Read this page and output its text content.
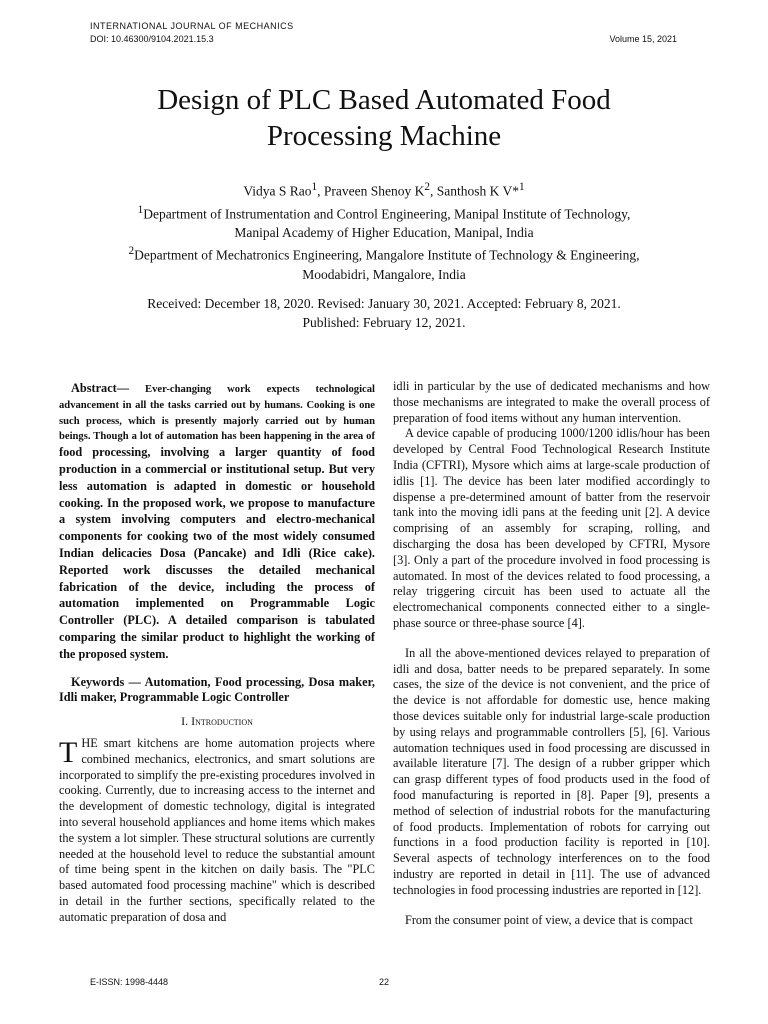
INTERNATIONAL JOURNAL OF MECHANICS
DOI: 10.46300/9104.2021.15.3	Volume 15, 2021
Design of PLC Based Automated Food
Processing Machine
Vidya S Rao$^1$, Praveen Shenoy $K^2$, Santhosh K V*$^1$
$^1$Department of Instrumentation and Control Engineering, Manipal Institute of Technology,
Manipal Academy of Higher Education, Manipal, India
$^2$Department of Mechatronics Engineering, Mangalore Institute of Technology & Engineering,
Moodabidri, Mangalore, India
Received: December 18, 2020. Revised: January 30, 2021. Accepted: February 8, 2021.
Published: February 12, 2021.

Abstract— Ever-changing work expects technological advancement in all the tasks carried out by humans. Cooking is one such process, which is presently majorly carried out by human beings. Though a lot of automation has been happening in the area of food processing, involving a larger quantity of food production in a commercial or institutional setup. But very less automation is adapted in domestic or household cooking. In the proposed work, we propose to manufacture a system involving computers and electro-mechanical components for cooking two of the most widely consumed Indian delicacies Dosa (Pancake) and Idli (Rice cake). Reported work discusses the detailed mechanical fabrication of the device, including the process of automation implemented on Programmable Logic Controller (PLC). A detailed comparison is tabulated comparing the similar product to highlight the working of the proposed system.

Keywords — Automation, Food processing, Dosa maker, Idli maker, Programmable Logic Controller

I. Introduction

THE smart kitchens are home automation projects where combined mechanics, electronics, and smart solutions are incorporated to simplify the pre-existing procedures involved in cooking. Currently, due to increasing access to the internet and the development of domestic technology, digital is integrated into several household appliances and home items which makes the system a lot simpler. These structural solutions are currently needed at the household level to reduce the substantial amount of time being spent in the kitchen on daily basis. The "PLC based automated food processing machine" which is described in detail in the further sections, specifically related to the automatic preparation of dosa and

idli in particular by the use of dedicated mechanisms and how those mechanisms are integrated to make the overall process of preparation of food items without any human intervention.

A device capable of producing 1000/1200 idlis/hour has been developed by Central Food Technological Research Institute India (CFTRI), Mysore which aims at large-scale production of idlis [1]. The device has been later modified accordingly to dispense a pre-determined amount of batter from the reservoir tank into the moving idli pans at the feeding unit [2]. A device comprising of an assembly for scraping, rolling, and discharging the dosa has been developed by CFTRI, Mysore [3]. Only a part of the procedure involved in food processing is automated. In most of the devices related to food processing, a relay triggering circuit has been used to actuate all the electromechanical components connected either to a single-phase source or three-phase source [4].

In all the above-mentioned devices relayed to preparation of idli and dosa, batter needs to be prepared separately. In some cases, the size of the device is not convenient, and the price of the device is not affordable for domestic use, hence making those devices suitable only for industrial large-scale production by using relays and programmable controllers [5], [6]. Various automation techniques used in food processing are discussed in available literature [7]. The design of a rubber gripper which can grasp different types of food products used in the food of food manufacturing is reported in [8]. Paper [9], presents a method of selection of industrial robots for the manufacturing of food products. Implementation of robots for carrying out functions in a food production facility is reported in [10]. Several aspects of technology interferences on to the food industry are reported in detail in [11]. The use of advanced technologies in food processing industries are reported in [12].

From the consumer point of view, a device that is compact

E-ISSN: 1998-4448	22
